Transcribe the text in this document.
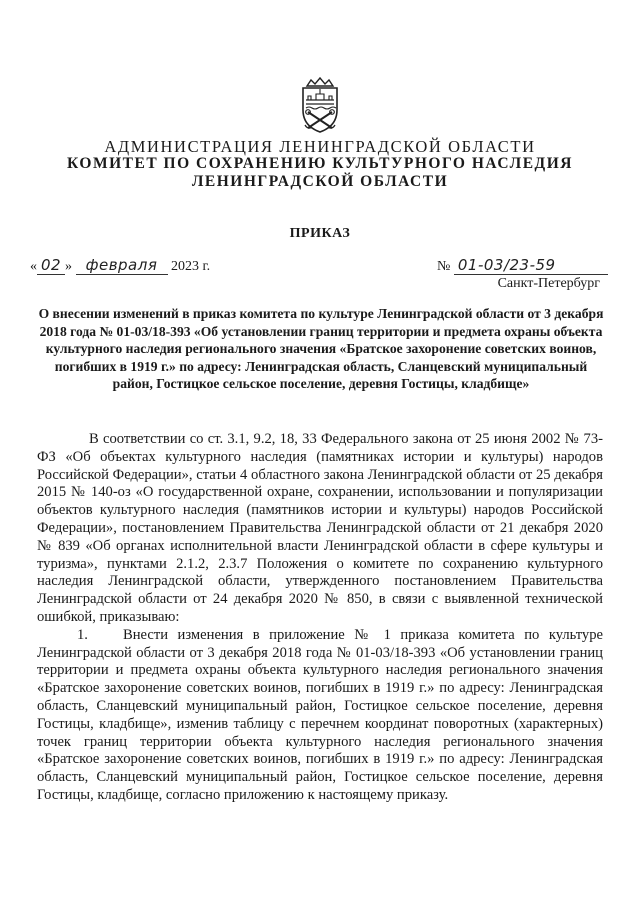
АДМИНИСТРАЦИЯ ЛЕНИНГРАДСКОЙ ОБЛАСТИ
КОМИТЕТ ПО СОХРАНЕНИЮ КУЛЬТУРНОГО НАСЛЕДИЯ
ЛЕНИНГРАДСКОЙ ОБЛАСТИ
ПРИКАЗ
« 02 » февраля 2023 г.	№ 01-03/23-59
Санкт-Петербург
О внесении изменений в приказ комитета по культуре Ленинградской области от 3 декабря 2018 года № 01-03/18-393 «Об установлении границ территории и предмета охраны объекта культурного наследия регионального значения «Братское захоронение советских воинов, погибших в 1919 г.» по адресу: Ленинградская область, Сланцевский муниципальный район, Гостицкое сельское поселение, деревня Гостицы, кладбище»

В соответствии со ст. 3.1, 9.2, 18, 33 Федерального закона от 25 июня 2002 № 73-ФЗ «Об объектах культурного наследия (памятниках истории и культуры) народов Российской Федерации», статьи 4 областного закона Ленинградской области от 25 декабря 2015 № 140-оз «О государственной охране, сохранении, использовании и популяризации объектов культурного наследия (памятников истории и культуры) народов Российской Федерации», постановлением Правительства Ленинградской области от 21 декабря 2020 № 839 «Об органах исполнительной власти Ленинградской области в сфере культуры и туризма», пунктами 2.1.2, 2.3.7 Положения о комитете по сохранению культурного наследия Ленинградской области, утвержденного постановлением Правительства Ленинградской области от 24 декабря 2020 № 850, в связи с выявленной технической ошибкой, приказываю:

1. Внести изменения в приложение № 1 приказа комитета по культуре Ленинградской области от 3 декабря 2018 года № 01-03/18-393 «Об установлении границ территории и предмета охраны объекта культурного наследия регионального значения «Братское захоронение советских воинов, погибших в 1919 г.» по адресу: Ленинградская область, Сланцевский муниципальный район, Гостицкое сельское поселение, деревня Гостицы, кладбище», изменив таблицу с перечнем координат поворотных (характерных) точек границ территории объекта культурного наследия регионального значения «Братское захоронение советских воинов, погибших в 1919 г.» по адресу: Ленинградская область, Сланцевский муниципальный район, Гостицкое сельское поселение, деревня Гостицы, кладбище, согласно приложению к настоящему приказу.
